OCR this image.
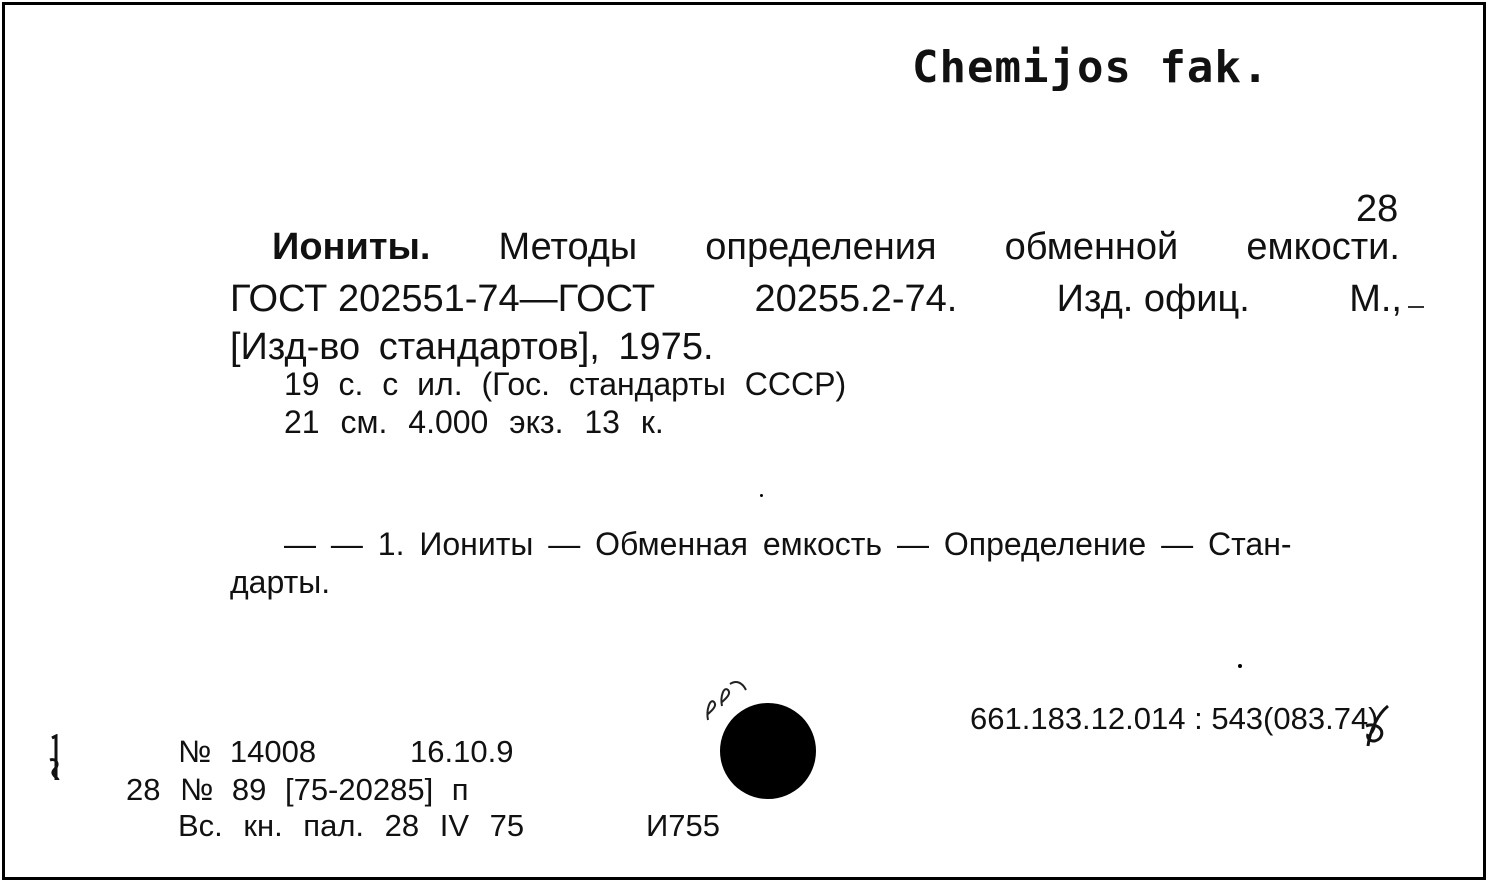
Chemijos fak.
28
Иониты. Методы определения обменной емкости.
ГОСТ 202551-74—ГОСТ	20255.2-74.	Изд. офиц.	М.,
[Изд-во стандартов], 1975.
19 с. с ил. (Гос. стандарты СССР)
21 см. 4.000 экз. 13 к.
— — 1. Иониты — Обменная емкость — Определение — Стан-
дарты.
661.183.12.014 : 543(083.74)
№ 14008	16.10.9
28 № 89 [75-20285] п
Вс. кн. пал. 28 IV 75	И755
